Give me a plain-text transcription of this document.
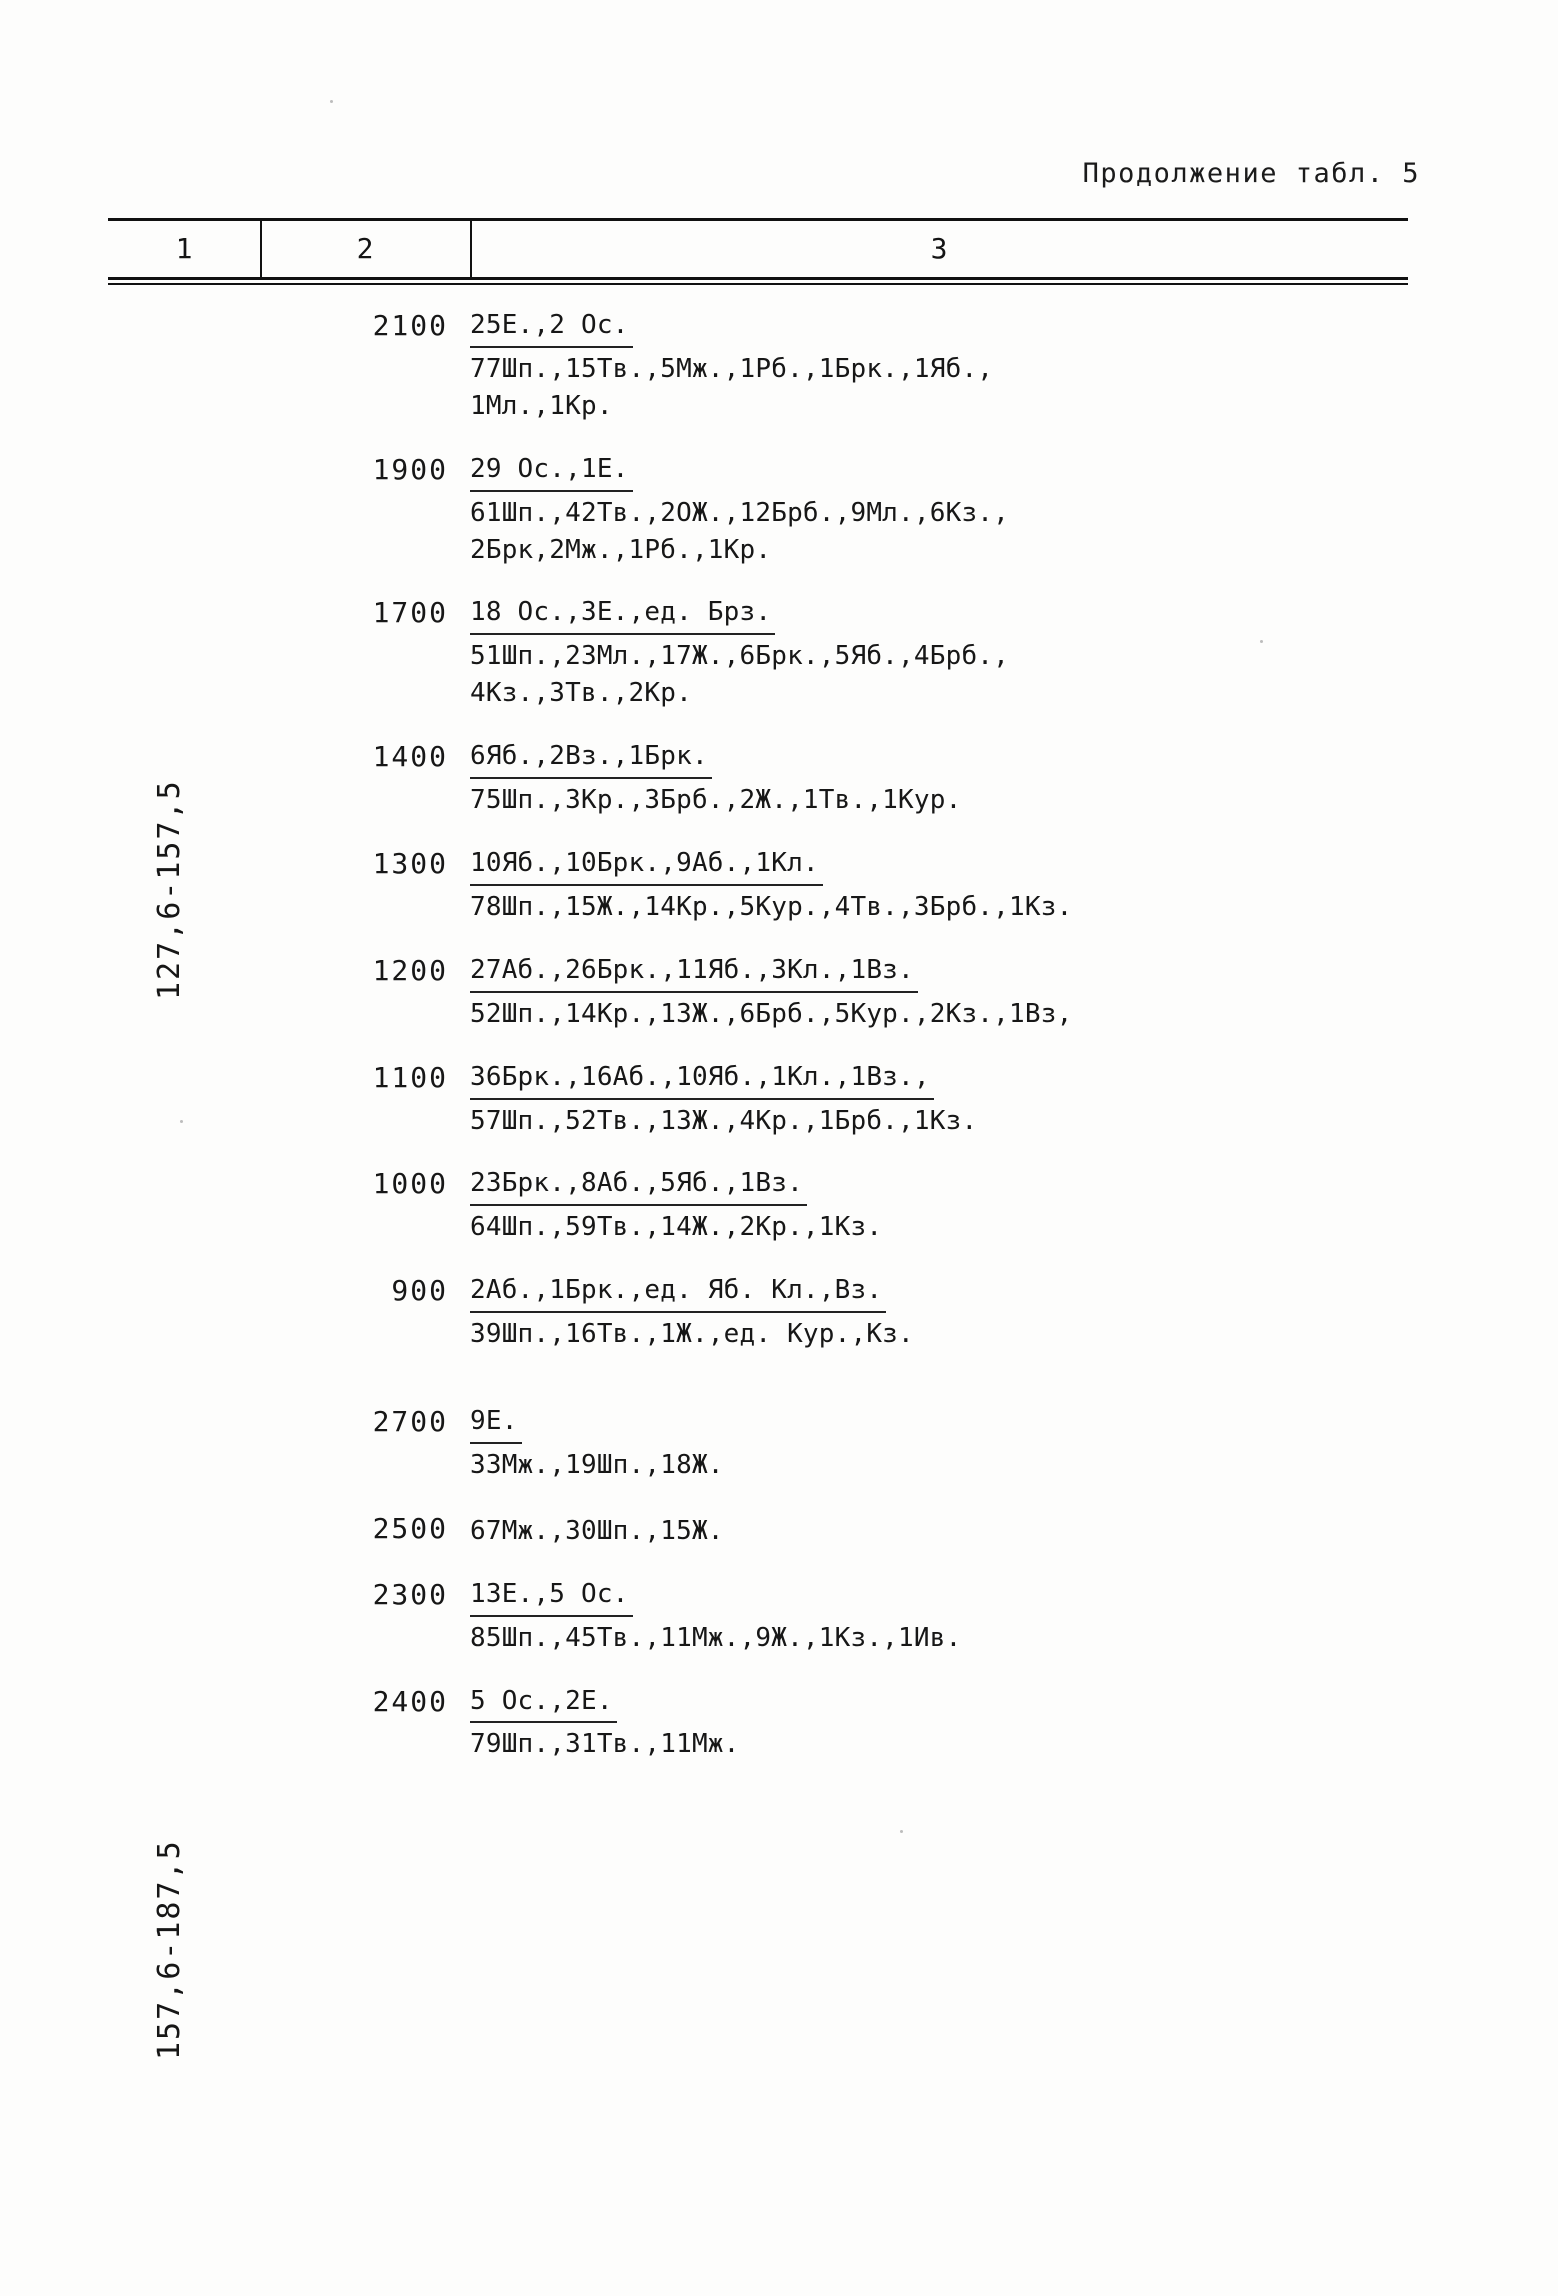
Продолжение табл. 5
1	2	3
2100 25Е.,2 Ос.
77Шп.,15Тв.,5Мж.,1Рб.,1Брк.,1Яб.,
1Мл.,1Кр.
1900 29 Ос.,1Е.
61Шп.,42Тв.,2ОЖ.,12Брб.,9Мл.,6Кз.,
2Брк,2Мж.,1Рб.,1Кр.
1700 18 Ос.,3Е.,ед. Брз.
51Шп.,23Мл.,17Ж.,6Брк.,5Яб.,4Брб.,
4Кз.,3Тв.,2Кр.
1400 6Яб.,2Вз.,1Брк.
75Шп.,3Кр.,3Брб.,2Ж.,1Тв.,1Кур.
1300 10Яб.,10Брк.,9Аб.,1Кл.
78Шп.,15Ж.,14Кр.,5Кур.,4Тв.,3Брб.,1Кз.
1200 27Аб.,26Брк.,11Яб.,3Кл.,1Вз.
52Шп.,14Кр.,13Ж.,6Брб.,5Кур.,2Кз.,1Вз,
1100 36Брк.,16Аб.,10Яб.,1Кл.,1Вз.,
57Шп.,52Тв.,13Ж.,4Кр.,1Брб.,1Кз.
1000 23Брк.,8Аб.,5Яб.,1Вз.
64Шп.,59Тв.,14Ж.,2Кр.,1Кз.
900 2Аб.,1Брк.,ед. Яб. Кл.,Вз.
39Шп.,16Тв.,1Ж.,ед. Кур.,Кз.
2700 9Е.
33Мж.,19Шп.,18Ж.
2500 67Мж.,30Шп.,15Ж.
2300 13Е.,5 Ос.
85Шп.,45Тв.,11Мж.,9Ж.,1Кз.,1Ив.
2400 5 Ос.,2Е.
79Шп.,31Тв.,11Мж.
127,6-157,5
157,6-187,5
